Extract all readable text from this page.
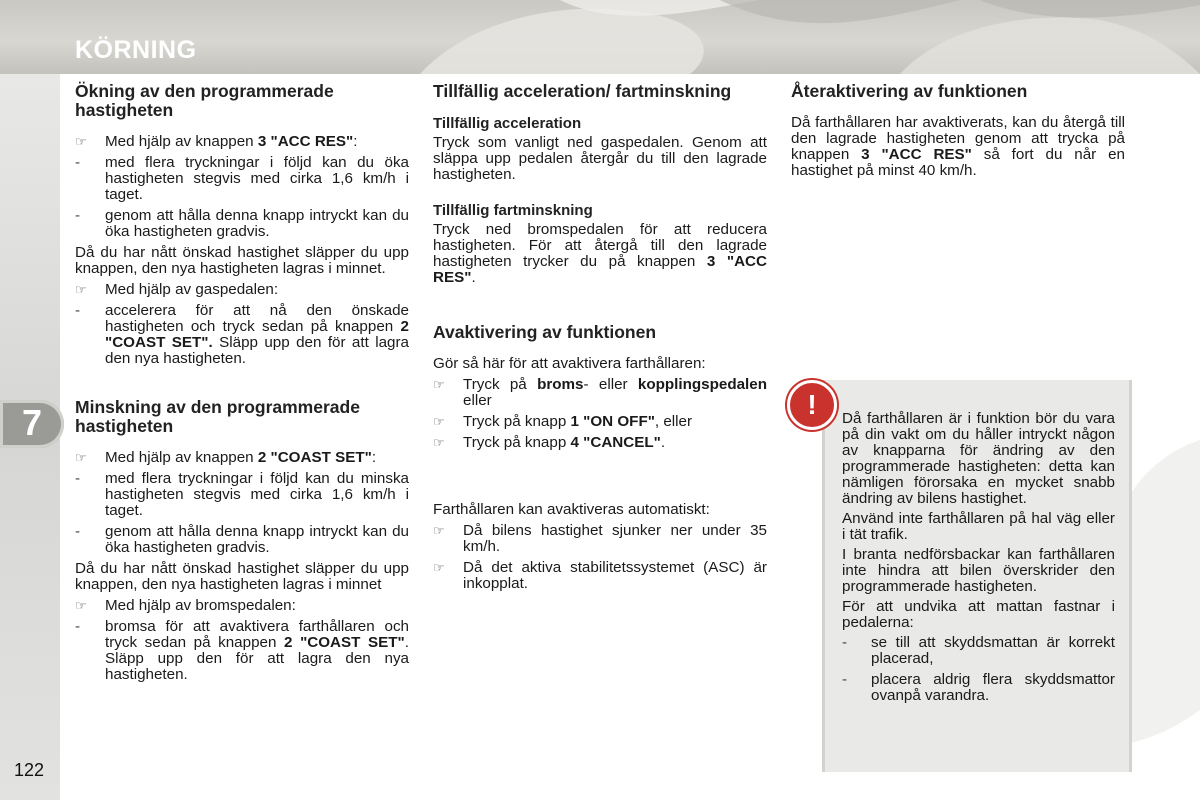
KÖRNING
7
122
Ökning av den programmerade hastigheten
☞	Med hjälp av knappen 3 "ACC RES":
-	med flera tryckningar i följd kan du öka hastigheten stegvis med cirka 1,6 km/h i taget.
-	genom att hålla denna knapp intryckt kan du öka hastigheten gradvis.

Då du har nått önskad hastighet släpper du upp knappen, den nya hastigheten lagras i minnet.

☞	Med hjälp av gaspedalen:
-	accelerera för att nå den önskade hastigheten och tryck sedan på knappen 2 "COAST SET". Släpp upp den för att lagra den nya hastigheten.
Minskning av den programmerade hastigheten
☞	Med hjälp av knappen 2 "COAST SET":
-	med flera tryckningar i följd kan du minska hastigheten stegvis med cirka 1,6 km/h i taget.
-	genom att hålla denna knapp intryckt kan du öka hastigheten gradvis.

Då du har nått önskad hastighet släpper du upp knappen, den nya hastigheten lagras i minnet

☞	Med hjälp av bromspedalen:
-	bromsa för att avaktivera farthållaren och tryck sedan på knappen 2 "COAST SET". Släpp upp den för att lagra den nya hastigheten.
Tillfällig acceleration/ fartminskning
Tillfällig acceleration

Tryck som vanligt ned gaspedalen. Genom att släppa upp pedalen återgår du till den lagrade hastigheten.

Tillfällig fartminskning

Tryck ned bromspedalen för att reducera hastigheten. För att återgå till den lagrade hastigheten trycker du på knappen 3 "ACC RES".

Avaktivering av funktionen

Gör så här för att avaktivera farthållaren:

☞	Tryck på broms- eller kopplingspedalen eller
☞	Tryck på knapp 1 "ON OFF", eller
☞	Tryck på knapp 4 "CANCEL".

Farthållaren kan avaktiveras automatiskt:

☞	Då bilens hastighet sjunker ner under 35 km/h.
☞	Då det aktiva stabilitetssystemet (ASC) är inkopplat.
Återaktivering av funktionen

Då farthållaren har avaktiverats, kan du återgå till den lagrade hastigheten genom att trycka på knappen 3 "ACC RES" så fort du når en hastighet på minst 40 km/h.

!	Då farthållaren är i funktion bör du vara på din vakt om du håller intryckt någon av knapparna för ändring av den programmerade hastigheten: detta kan nämligen förorsaka en mycket snabb ändring av bilens hastighet.

Använd inte farthållaren på hal väg eller i tät trafik.

I branta nedförsbackar kan farthållaren inte hindra att bilen överskrider den programmerade hastigheten.

För att undvika att mattan fastnar i pedalerna:

-	se till att skyddsmattan är korrekt placerad,
-	placera aldrig flera skyddsmattor ovanpå varandra.
